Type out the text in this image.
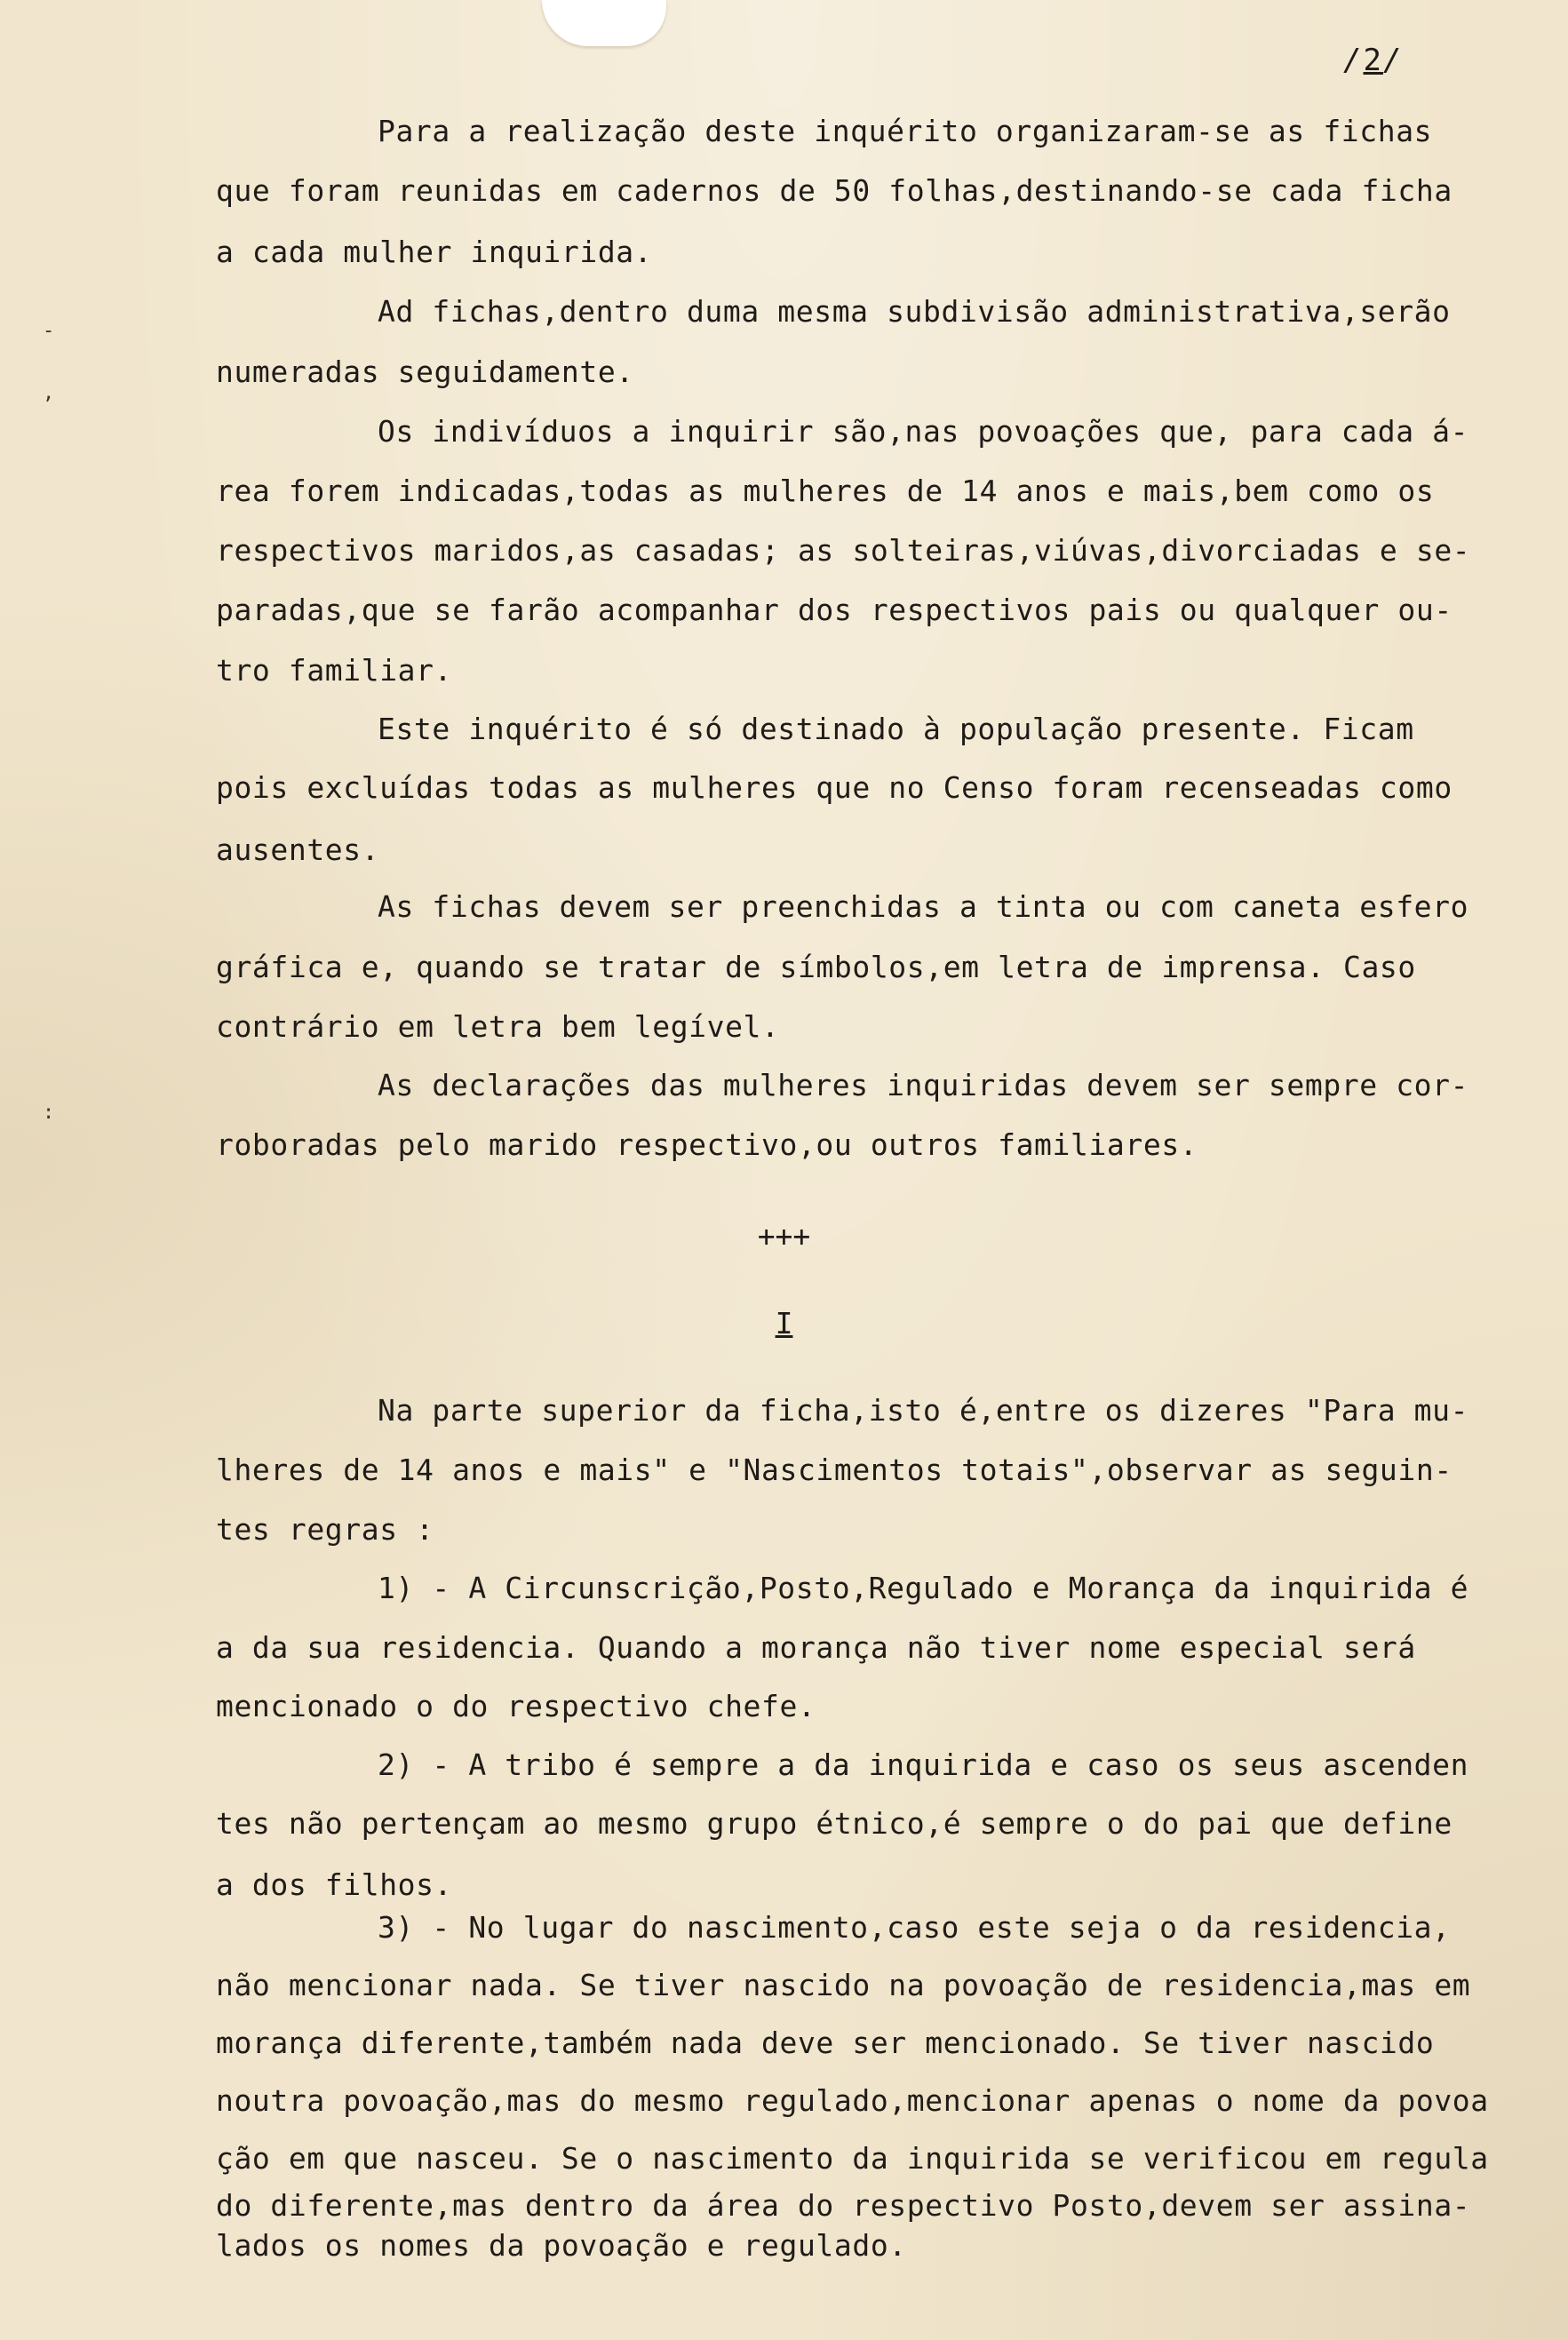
/2/
-
,
:

Para a realização deste inquérito organizaram-se as fichas

que foram reunidas em cadernos de 50 folhas,destinando-se cada ficha

a cada mulher inquirida.

Ad fichas,dentro duma mesma subdivisão administrativa,serão

numeradas seguidamente.

Os indivíduos a inquirir são,nas povoações que, para cada á-

rea forem indicadas,todas as mulheres de 14 anos e mais,bem como os

respectivos maridos,as casadas; as solteiras,viúvas,divorciadas e se-

paradas,que se farão acompanhar dos respectivos pais ou qualquer ou-

tro familiar.

Este inquérito é só destinado à população presente. Ficam

pois excluídas todas as mulheres que no Censo foram recenseadas como

ausentes.

As fichas devem ser preenchidas a tinta ou com caneta esfero

gráfica e, quando se tratar de símbolos,em letra de imprensa. Caso

contrário em letra bem legível.

As declarações das mulheres inquiridas devem ser sempre cor-

roboradas pelo marido respectivo,ou outros familiares.

+++
I

Na parte superior da ficha,isto é,entre os dizeres "Para mu-

lheres de 14 anos e mais" e "Nascimentos totais",observar as seguin-

tes regras :

1) - A Circunscrição,Posto,Regulado e Morança da inquirida é

a da sua residencia. Quando a morança não tiver nome especial será

mencionado o do respectivo chefe.

2) - A tribo é sempre a da inquirida e caso os seus ascenden

tes não pertençam ao mesmo grupo étnico,é sempre o do pai que define

a dos filhos.

3) - No lugar do nascimento,caso este seja o da residencia,

não mencionar nada. Se tiver nascido na povoação de residencia,mas em

morança diferente,também nada deve ser mencionado. Se tiver nascido

noutra povoação,mas do mesmo regulado,mencionar apenas o nome da povoa

ção em que nasceu. Se o nascimento da inquirida se verificou em regula

do diferente,mas dentro da área do respectivo Posto,devem ser assina-

lados os nomes da povoação e regulado.
